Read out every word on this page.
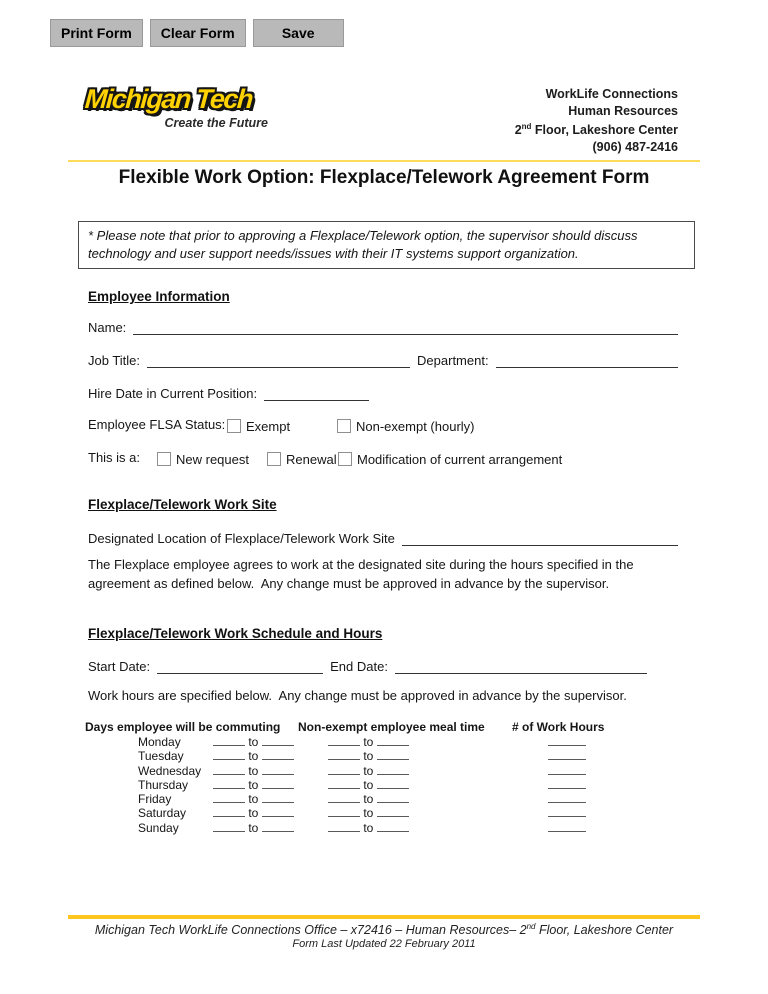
Print Form	Clear Form	Save
Michigan Tech
Create the Future
WorkLife Connections
Human Resources
2nd Floor, Lakeshore Center
(906) 487-2416
Flexible Work Option: Flexplace/Telework Agreement Form
* Please note that prior to approving a Flexplace/Telework option, the supervisor should discuss technology and user support needs/issues with their IT systems support organization.
Employee Information
Name:
Job Title:	Department:
Hire Date in Current Position:
Employee FLSA Status:	Exempt	Non-exempt (hourly)
This is a:	New request	Renewal	Modification of current arrangement
Flexplace/Telework Work Site
Designated Location of Flexplace/Telework Work Site

The Flexplace employee agrees to work at the designated site during the hours specified in the agreement as defined below.  Any change must be approved in advance by the supervisor.

Flexplace/Telework Work Schedule and Hours
Start Date:	End Date:

Work hours are specified below.  Any change must be approved in advance by the supervisor.

Days employee will be commuting Non-exempt employee meal time # of Work Hours
Monday	to	to
Tuesday	to	to
Wednesday	to	to
Thursday	to	to
Friday	to	to
Saturday	to	to
Sunday	to	to
Michigan Tech WorkLife Connections Office – x72416 – Human Resources– 2nd Floor, Lakeshore Center
Form Last Updated 22 February 2011
